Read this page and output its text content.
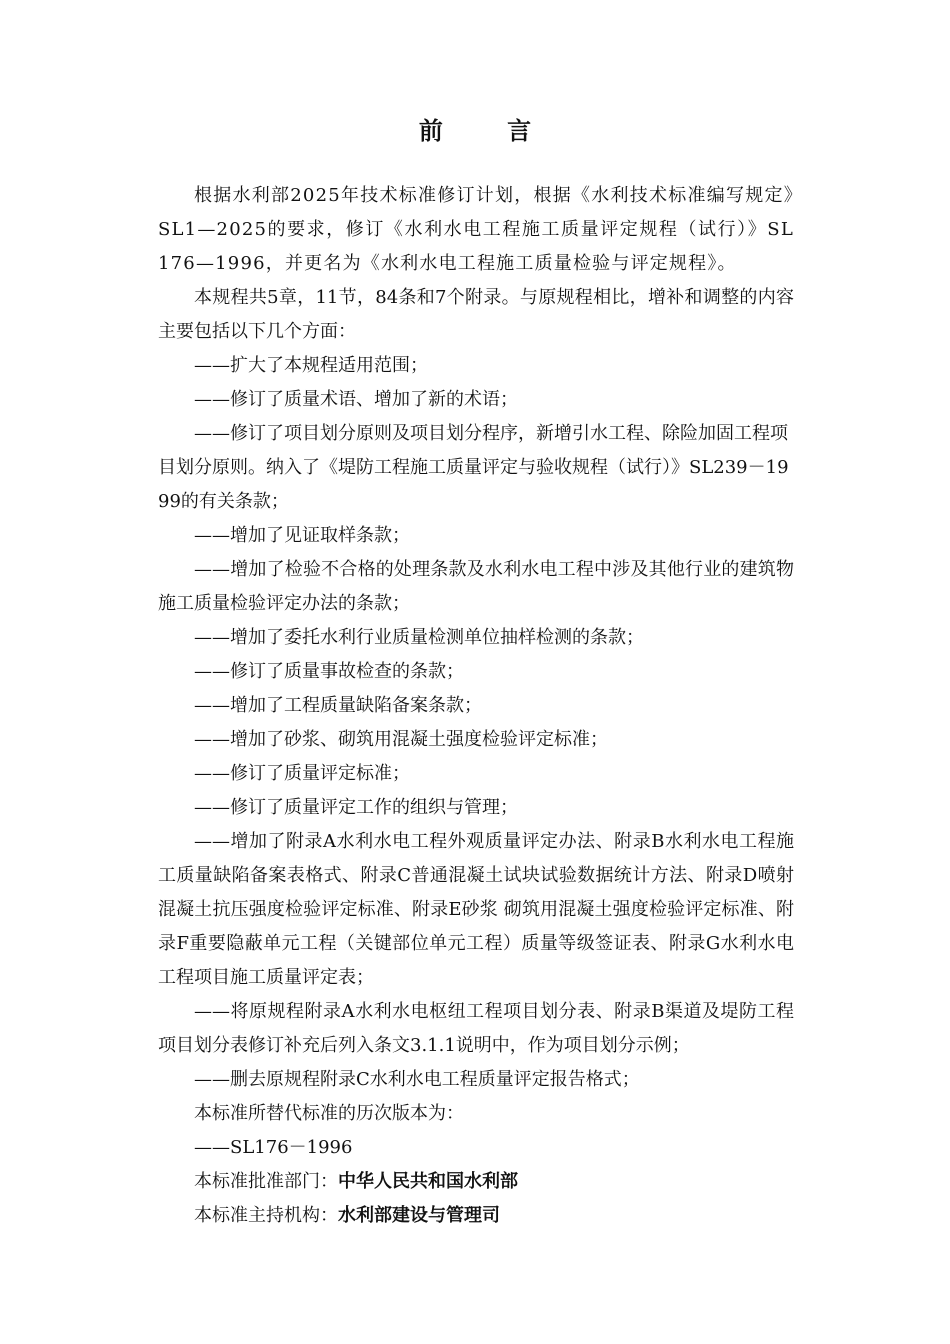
前 言

根据水利部2025年技术标准修订计划，根据《水利技术标准编写规定》SL1—2025的要求，修订《水利水电工程施工质量评定规程（试行）》SL176—1996，并更名为《水利水电工程施工质量检验与评定规程》。

本规程共5章，11节，84条和7个附录。与原规程相比，增补和调整的内容主要包括以下几个方面：

——扩大了本规程适用范围；

——修订了质量术语、增加了新的术语；

——修订了项目划分原则及项目划分程序，新增引水工程、除险加固工程项目划分原则。纳入了《堤防工程施工质量评定与验收规程（试行）》SL239－1999的有关条款；

——增加了见证取样条款；

——增加了检验不合格的处理条款及水利水电工程中涉及其他行业的建筑物施工质量检验评定办法的条款；

——增加了委托水利行业质量检测单位抽样检测的条款；

——修订了质量事故检查的条款；

——增加了工程质量缺陷备案条款；

——增加了砂浆、砌筑用混凝土强度检验评定标准；

——修订了质量评定标准；

——修订了质量评定工作的组织与管理；

——增加了附录A水利水电工程外观质量评定办法、附录B水利水电工程施工质量缺陷备案表格式、附录C普通混凝土试块试验数据统计方法、附录D喷射混凝土抗压强度检验评定标准、附录E砂浆 砌筑用混凝土强度检验评定标准、附录F重要隐蔽单元工程（关键部位单元工程）质量等级签证表、附录G水利水电工程项目施工质量评定表；

——将原规程附录A水利水电枢纽工程项目划分表、附录B渠道及堤防工程项目划分表修订补充后列入条文3.1.1说明中，作为项目划分示例；

——删去原规程附录C水利水电工程质量评定报告格式；

本标准所替代标准的历次版本为：

——SL176－1996

本标准批准部门：中华人民共和国水利部

本标准主持机构：水利部建设与管理司
